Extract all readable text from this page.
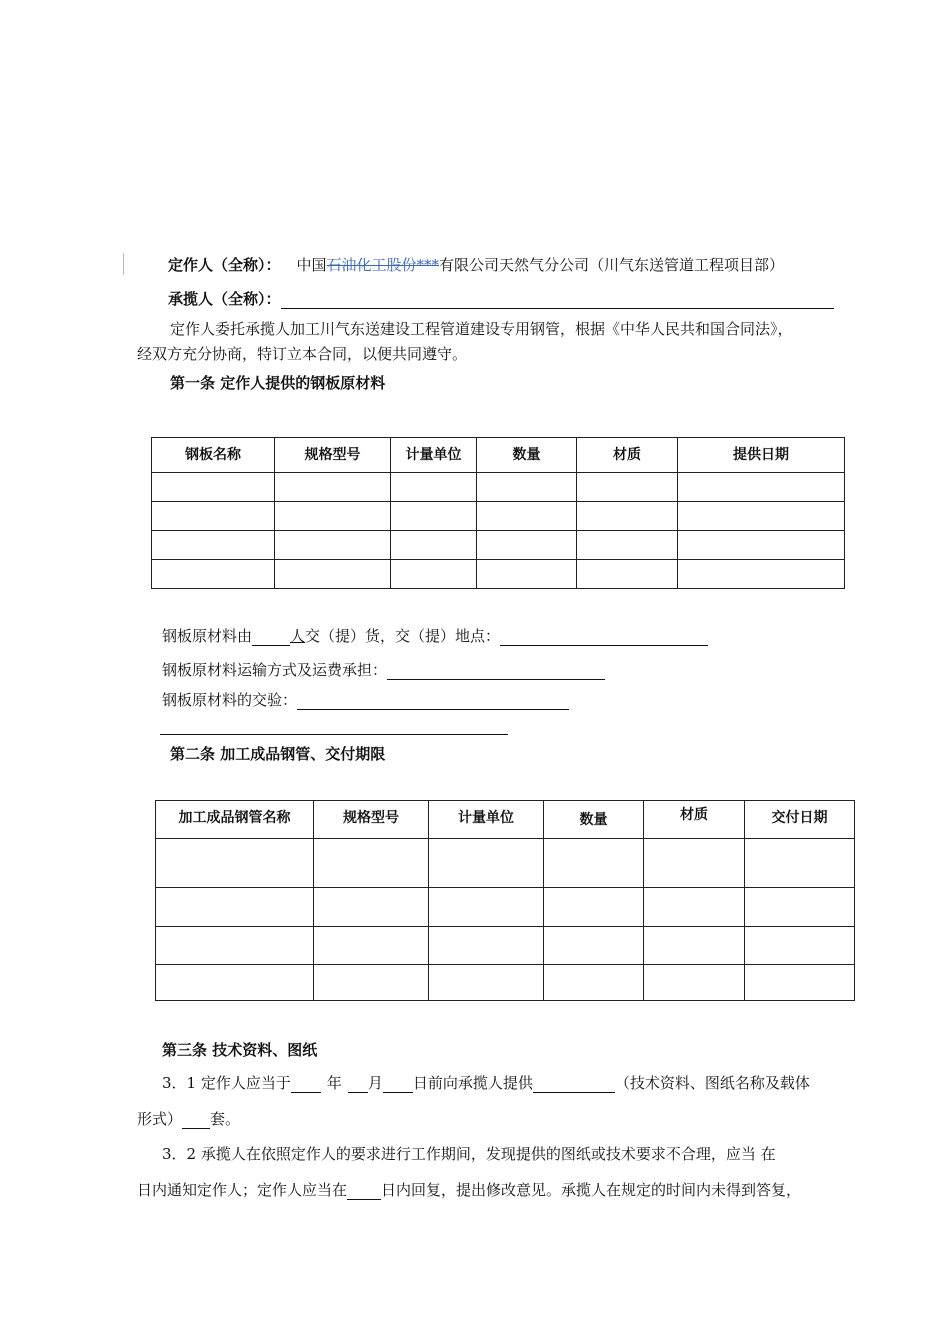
定作人（全称）： 中国石油化工股份***有限公司天然气分公司（川气东送管道工程项目部）
承揽人（全称）：
定作人委托承揽人加工川气东送建设工程管道建设专用钢管，根据《中华人民共和国合同法》，
经双方充分协商，特订立本合同，以便共同遵守。
第一条 定作人提供的钢板原材料
钢板名称	规格型号	计量单位	数量	材质	提供日期

钢板原材料由	人交（提）货，交（提）地点：
钢板原材料运输方式及运费承担：
钢板原材料的交验：
第二条 加工成品钢管、交付期限
加工成品钢管名称	规格型号	计量单位	数量	材质	交付日期

第三条 技术资料、图纸
3．1 定作人应当于 年 月 日前向承揽人提供	（技术资料、图纸名称及载体
形式） 套。
3．2 承揽人在依照定作人的要求进行工作期间，发现提供的图纸或技术要求不合理，应当 在
日内通知定作人；定作人应当在 日内回复，提出修改意见。承揽人在规定的时间内未得到答复，
